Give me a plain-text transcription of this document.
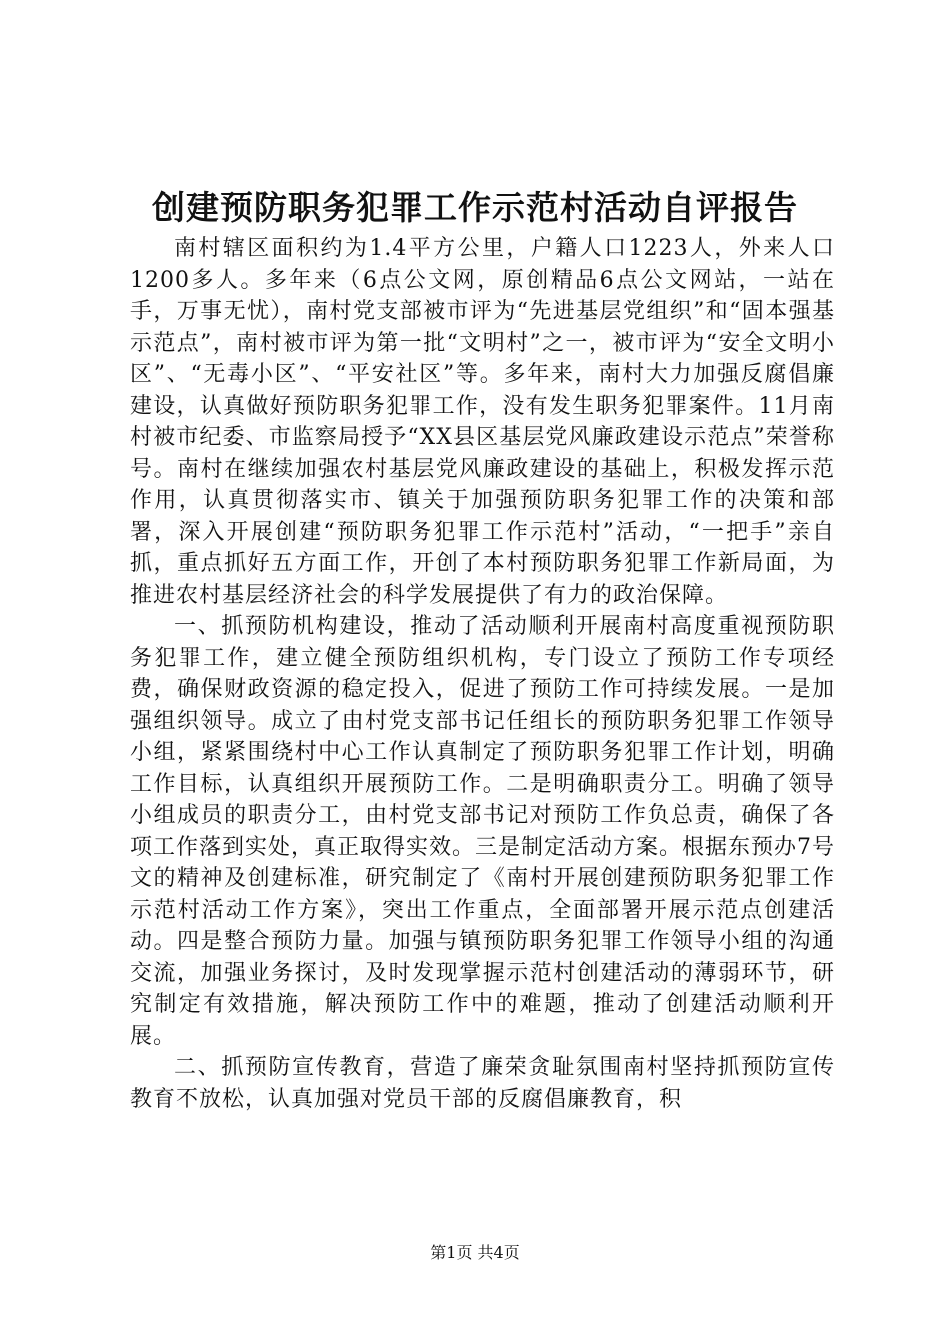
创建预防职务犯罪工作示范村活动自评报告

南村辖区面积约为1.4平方公里，户籍人口1223人，外来人口1200多人。多年来（6点公文网，原创精品6点公文网站，一站在手，万事无忧），南村党支部被市评为“先进基层党组织”和“固本强基示范点”，南村被市评为第一批“文明村”之一，被市评为“安全文明小区”、“无毒小区”、“平安社区”等。多年来，南村大力加强反腐倡廉建设，认真做好预防职务犯罪工作，没有发生职务犯罪案件。11月南村被市纪委、市监察局授予“XX县区基层党风廉政建设示范点”荣誉称号。南村在继续加强农村基层党风廉政建设的基础上，积极发挥示范作用，认真贯彻落实市、镇关于加强预防职务犯罪工作的决策和部署，深入开展创建“预防职务犯罪工作示范村”活动，“一把手”亲自抓，重点抓好五方面工作，开创了本村预防职务犯罪工作新局面，为推进农村基层经济社会的科学发展提供了有力的政治保障。

一、抓预防机构建设，推动了活动顺利开展南村高度重视预防职务犯罪工作，建立健全预防组织机构，专门设立了预防工作专项经费，确保财政资源的稳定投入，促进了预防工作可持续发展。一是加强组织领导。成立了由村党支部书记任组长的预防职务犯罪工作领导小组，紧紧围绕村中心工作认真制定了预防职务犯罪工作计划，明确工作目标，认真组织开展预防工作。二是明确职责分工。明确了领导小组成员的职责分工，由村党支部书记对预防工作负总责，确保了各项工作落到实处，真正取得实效。三是制定活动方案。根据东预办7号文的精神及创建标准，研究制定了《南村开展创建预防职务犯罪工作示范村活动工作方案》，突出工作重点，全面部署开展示范点创建活动。四是整合预防力量。加强与镇预防职务犯罪工作领导小组的沟通交流，加强业务探讨，及时发现掌握示范村创建活动的薄弱环节，研究制定有效措施，解决预防工作中的难题，推动了创建活动顺利开展。

二、抓预防宣传教育，营造了廉荣贪耻氛围南村坚持抓预防宣传教育不放松，认真加强对党员干部的反腐倡廉教育，积

第1页 共4页
